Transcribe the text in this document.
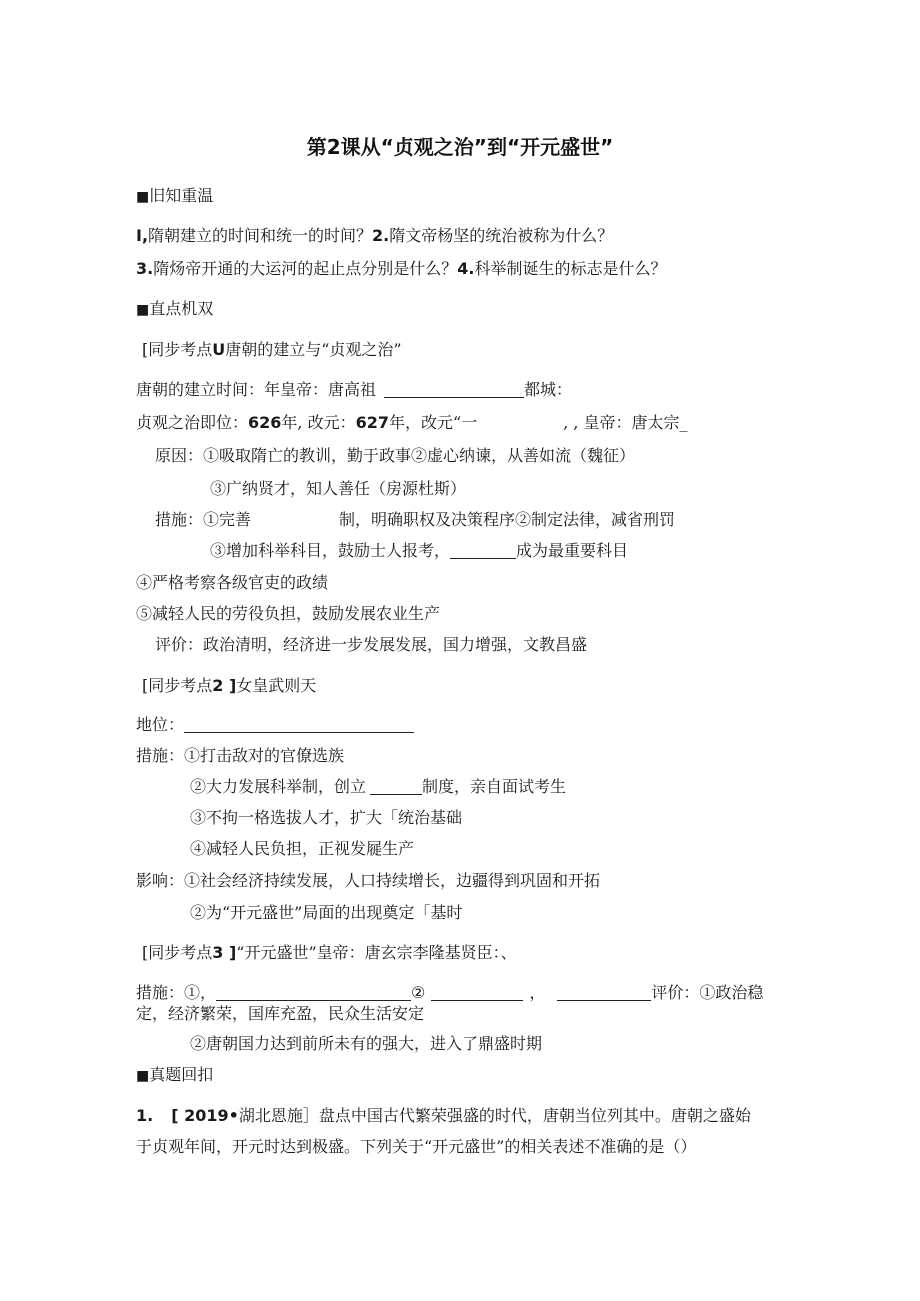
第2课从“贞观之治”到“开元盛世”
■旧知重温
I,隋朝建立的时间和统一的时间？2.隋文帝杨坚的统治被称为什么？
3.隋炀帝开通的大运河的起止点分别是什么？4.科举制诞生的标志是什么？
■直点机双
[同步考点U唐朝的建立与“贞观之治”
唐朝的建立时间：年皇帝：唐高祖	都城：
贞观之治即位：626年, 改元：627年，改元“一	, , 皇帝：唐太宗_
原因：①吸取隋亡的教训，勤于政事②虚心纳谏，从善如流（魏征）
③广纳贤才，知人善任（房源杜斯）
措施：①完善	制，明确职权及决策程序②制定法律，减省刑罚
③增加科举科目，鼓励士人报考，	成为最重要科目
④严格考察各级官吏的政绩
⑤减轻人民的劳役负担，鼓励发展农业生产
评价：政治清明，经济进一步发展发展，国力增强，文教昌盛
[同步考点2 ]女皇武则天
地位：
措施：①打击敌对的官僚选族
②大力发展科举制，创立	制度，亲自面试考生
③不拘一格选拔人才，扩大「统治基础
④减轻人民负担，正视发屣生产
影响：①社会经济持续发展，人口持续增长，边疆得到巩固和开拓
②为“开元盛世”局面的出现奠定「基时
[同步考点3 ]“开元盛世”皇帝：唐玄宗李隆基贤臣：、
措施：①，	②	，	评价：①政治稳
定，经济繁荣，国库充盈，民众生活安定
②唐朝国力达到前所未有的强大，进入了鼎盛时期
■真题回扣
1. [ 2019•湖北恩施］盘点中国古代繁荣强盛的时代，唐朝当位列其中。唐朝之盛始
于贞观年间，开元时达到极盛。下列关于“开元盛世”的相关表述不准确的是（）
